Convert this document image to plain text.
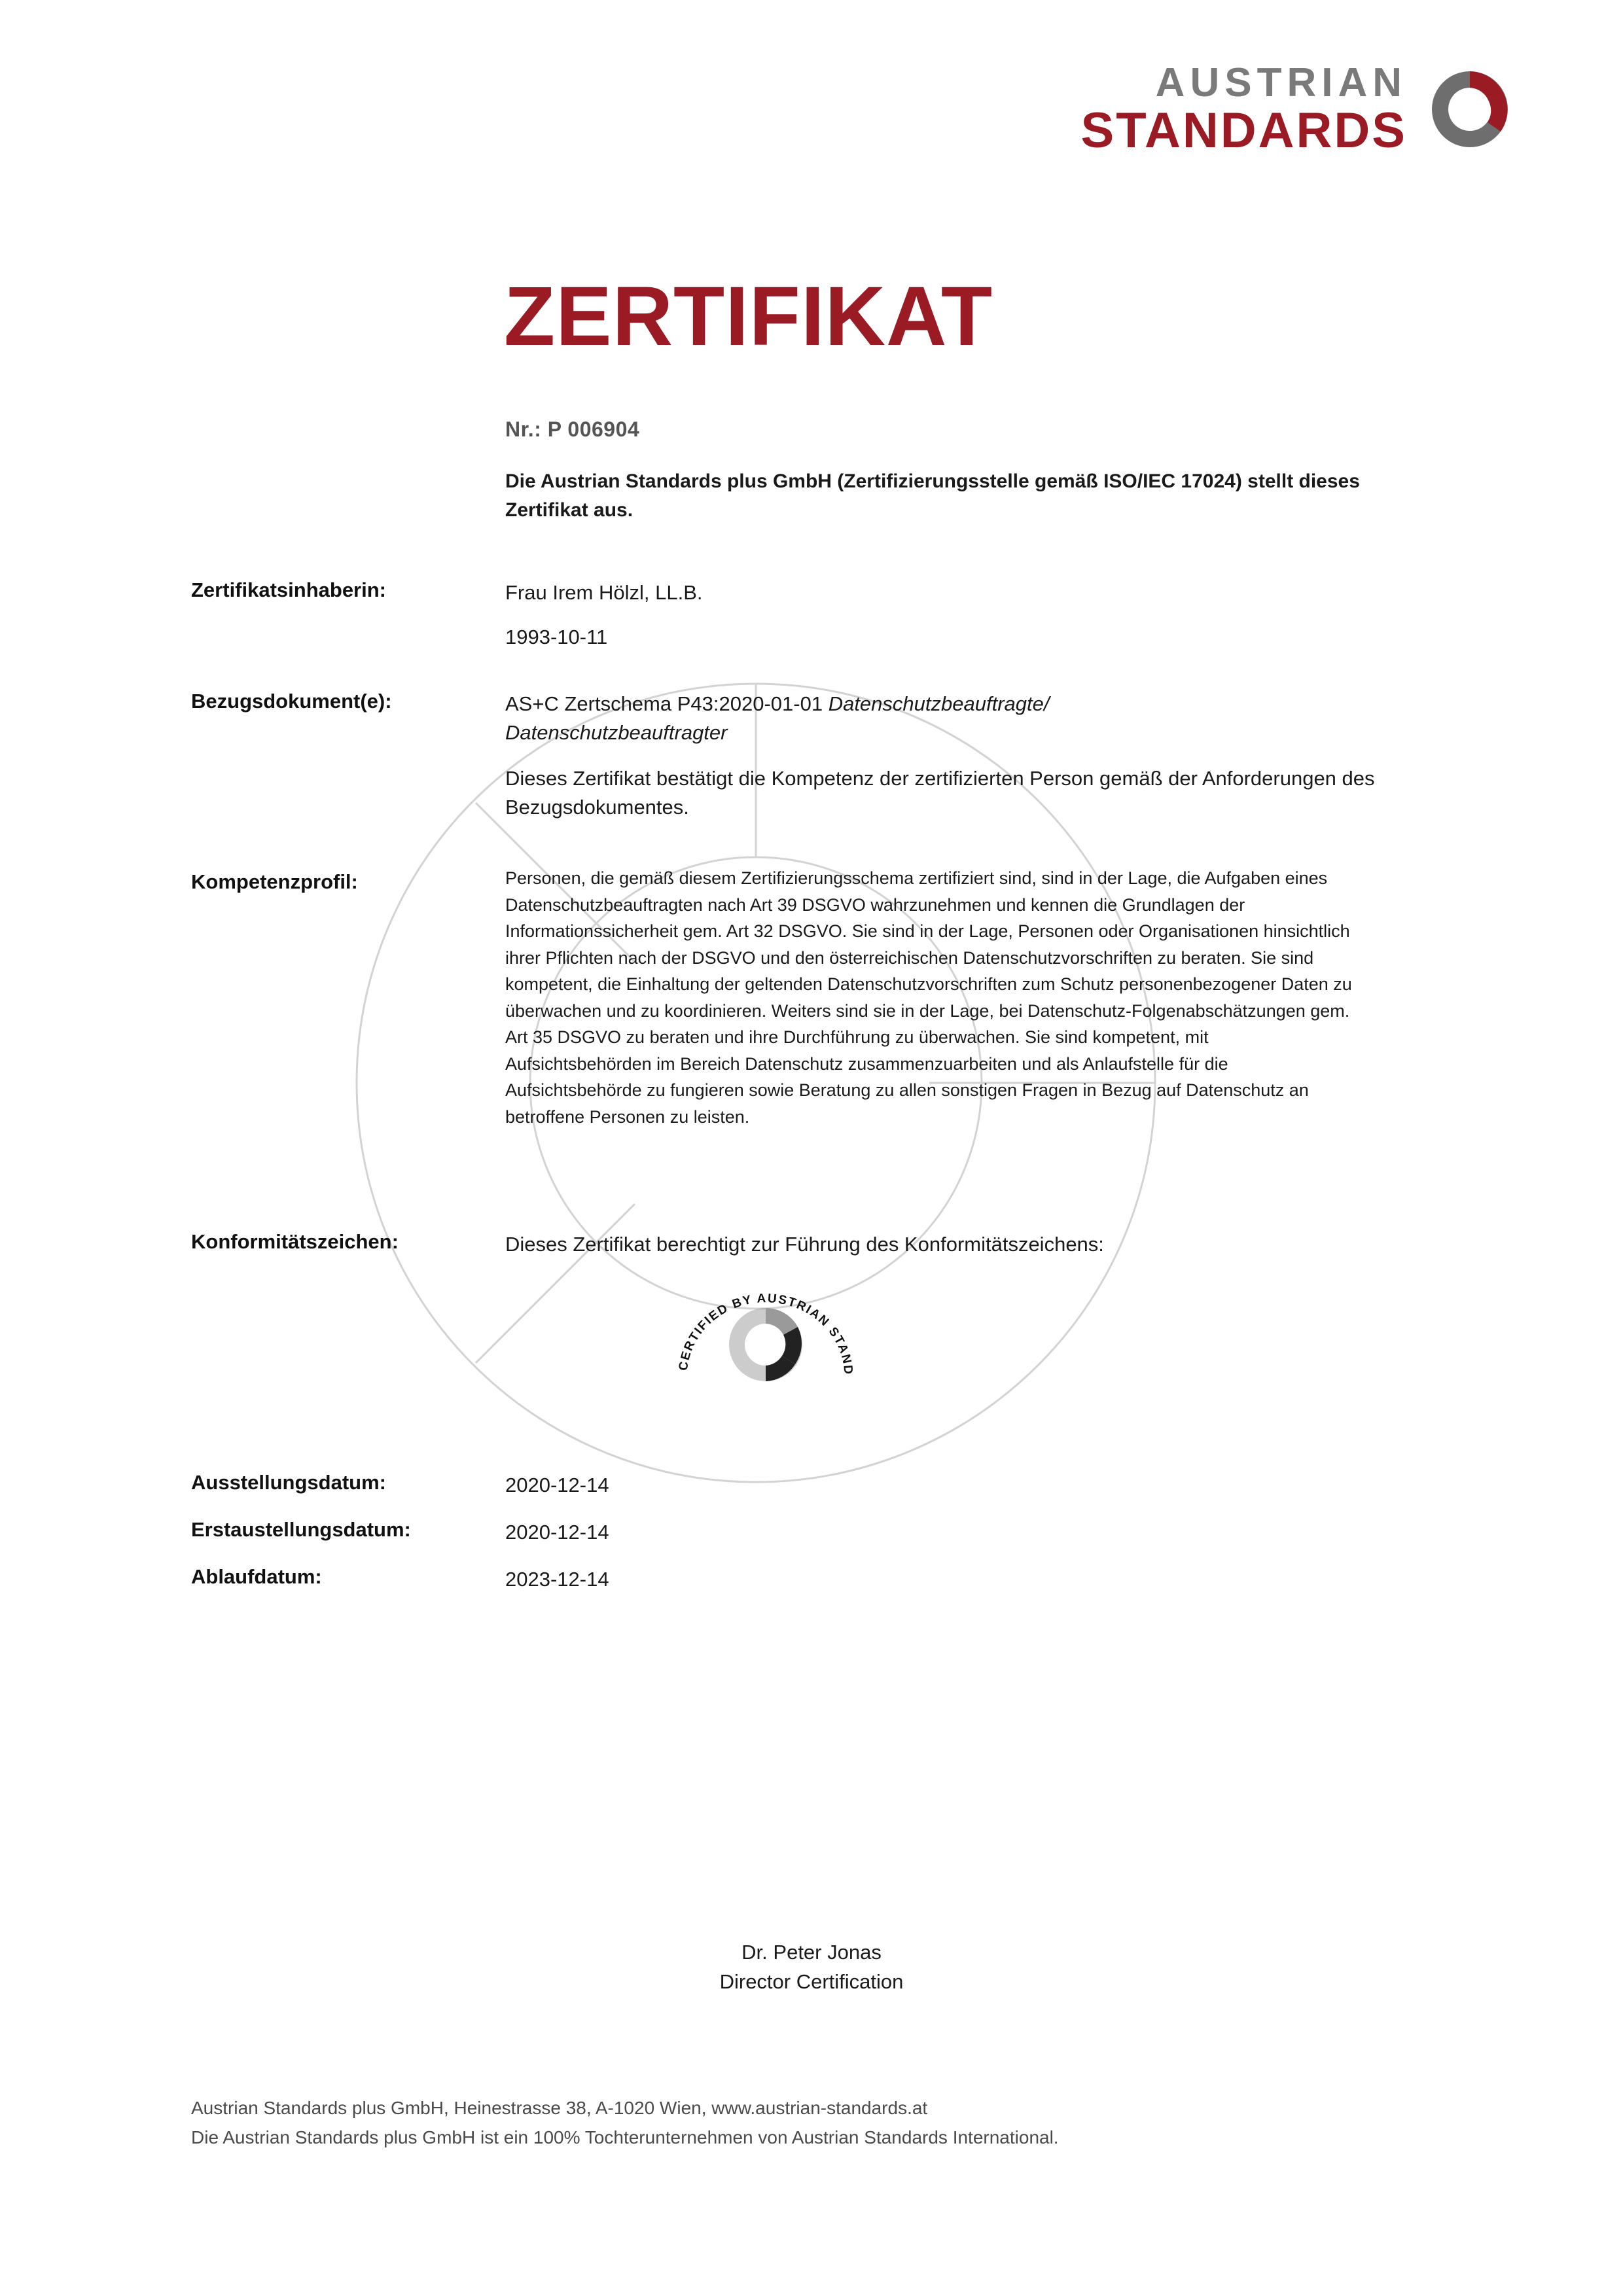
AUSTRIAN
STANDARDS
ZERTIFIKAT
Nr.: P 006904
Die Austrian Standards plus GmbH (Zertifizierungsstelle gemäß ISO/IEC 17024) stellt dieses Zertifikat aus.
Zertifikatsinhaberin:	Frau Irem Hölzl, LL.B.
1993-10-11
Bezugsdokument(e):	AS+C Zertschema P43:2020-01-01 Datenschutzbeauftragte/ Datenschutzbeauftragter
Dieses Zertifikat bestätigt die Kompetenz der zertifizierten Person gemäß der Anforderungen des Bezugsdokumentes.
Kompetenzprofil:	Personen, die gemäß diesem Zertifizierungsschema zertifiziert sind, sind in der Lage, die Aufgaben eines Datenschutzbeauftragten nach Art 39 DSGVO wahrzunehmen und kennen die Grundlagen der Informationssicherheit gem. Art 32 DSGVO. Sie sind in der Lage, Personen oder Organisationen hinsichtlich ihrer Pflichten nach der DSGVO und den österreichischen Datenschutzvorschriften zu beraten. Sie sind kompetent, die Einhaltung der geltenden Datenschutzvorschriften zum Schutz personenbezogener Daten zu überwachen und zu koordinieren. Weiters sind sie in der Lage, bei Datenschutz-Folgenabschätzungen gem. Art 35 DSGVO zu beraten und ihre Durchführung zu überwachen. Sie sind kompetent, mit Aufsichtsbehörden im Bereich Datenschutz zusammenzuarbeiten und als Anlaufstelle für die Aufsichtsbehörde zu fungieren sowie Beratung zu allen sonstigen Fragen in Bezug auf Datenschutz an betroffene Personen zu leisten.
Konformitätszeichen:	Dieses Zertifikat berechtigt zur Führung des Konformitätszeichens:
CERTIFIED BY AUSTRIAN STAND
Ausstellungsdatum:	2020-12-14
Erstaustellungsdatum:	2020-12-14
Ablaufdatum:	2023-12-14
Dr. Peter Jonas
Director Certification
Austrian Standards plus GmbH, Heinestrasse 38, A-1020 Wien, www.austrian-standards.at
Die Austrian Standards plus GmbH ist ein 100% Tochterunternehmen von Austrian Standards International.
